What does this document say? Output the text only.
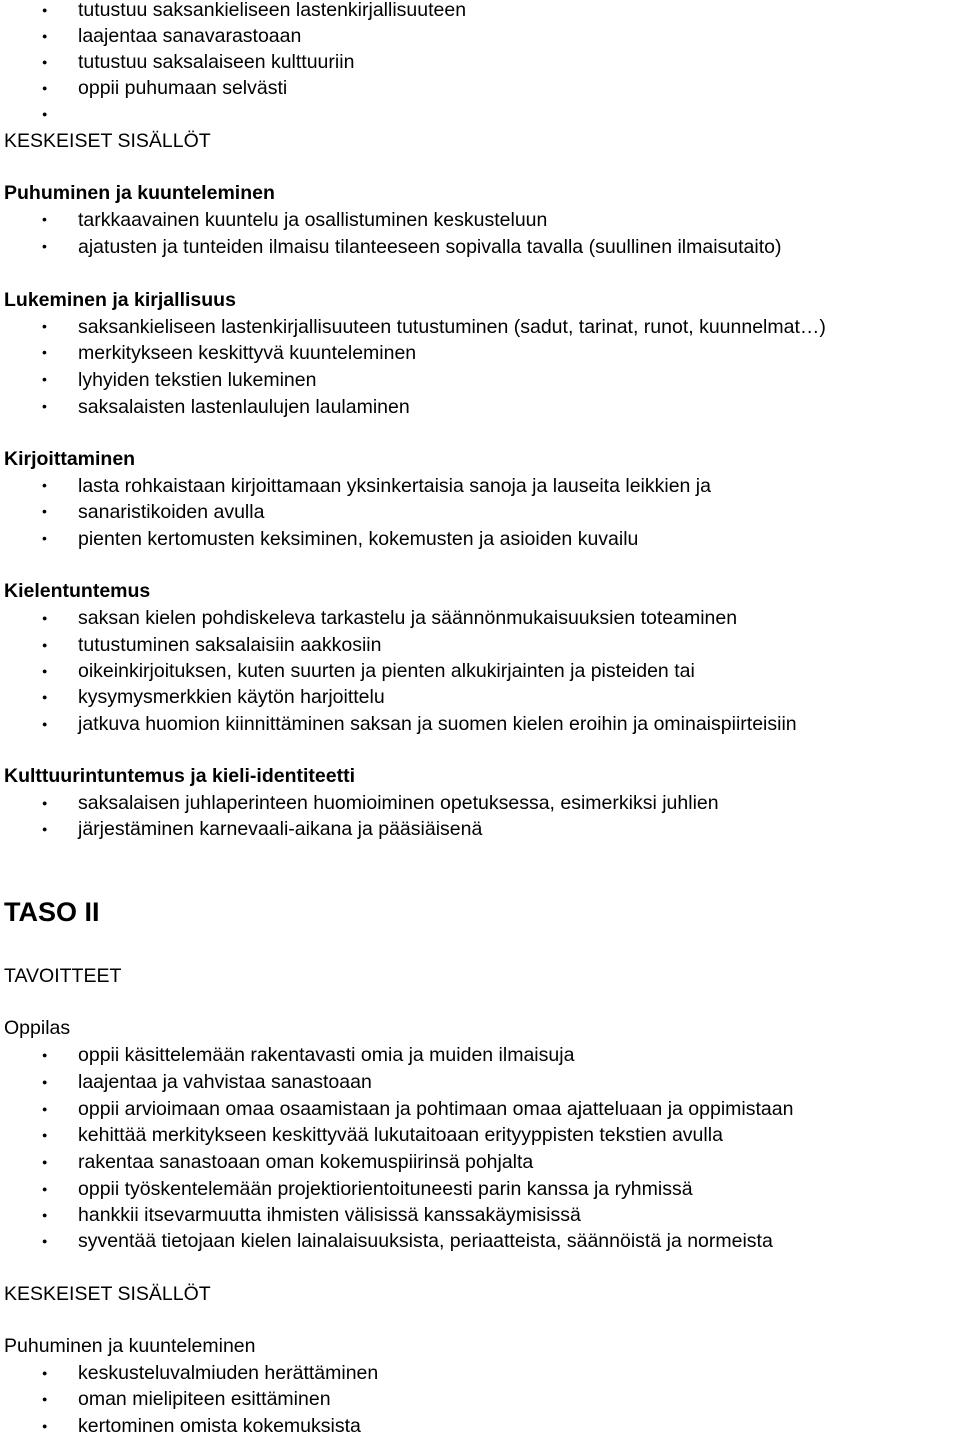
●
tutustuu saksankieliseen lastenkirjallisuuteen
●
laajentaa sanavarastoaan
●
tutustuu saksalaiseen kulttuuriin
●
oppii puhumaan selvästi
●
KESKEISET SISÄLLÖT
Puhuminen ja kuunteleminen
•
tarkkaavainen kuuntelu ja osallistuminen keskusteluun
•
ajatusten ja tunteiden ilmaisu tilanteeseen sopivalla tavalla (suullinen ilmaisutaito)
Lukeminen ja kirjallisuus
•
saksankieliseen lastenkirjallisuuteen tutustuminen (sadut, tarinat, runot, kuunnelmat…)
•
merkitykseen keskittyvä kuunteleminen
•
lyhyiden tekstien lukeminen
•
saksalaisten lastenlaulujen laulaminen
Kirjoittaminen
•
lasta rohkaistaan kirjoittamaan yksinkertaisia sanoja ja lauseita leikkien ja
•
sanaristikoiden avulla
•
pienten kertomusten keksiminen, kokemusten ja asioiden kuvailu
Kielentuntemus
●
saksan kielen pohdiskeleva tarkastelu ja säännönmukaisuuksien toteaminen
●
tutustuminen saksalaisiin aakkosiin
●
oikeinkirjoituksen, kuten suurten ja pienten alkukirjainten ja pisteiden tai
●
kysymysmerkkien käytön harjoittelu
●
jatkuva huomion kiinnittäminen saksan ja suomen kielen eroihin ja ominaispiirteisiin
Kulttuurintuntemus ja kieli-identiteetti
●
saksalaisen juhlaperinteen huomioiminen opetuksessa, esimerkiksi juhlien
●
järjestäminen karnevaali-aikana ja pääsiäisenä
TASO II
TAVOITTEET
Oppilas
●
oppii käsittelemään rakentavasti omia ja muiden ilmaisuja
●
laajentaa ja vahvistaa sanastoaan
●
oppii arvioimaan omaa osaamistaan ja pohtimaan omaa ajatteluaan ja oppimistaan
●
kehittää merkitykseen keskittyvää lukutaitoaan erityyppisten tekstien avulla
●
rakentaa sanastoaan oman kokemuspiirinsä pohjalta
●
oppii työskentelemään projektiorientoituneesti parin kanssa ja ryhmissä
●
hankkii itsevarmuutta ihmisten välisissä kanssakäymisissä
●
syventää tietojaan kielen lainalaisuuksista, periaatteista, säännöistä ja normeista
KESKEISET SISÄLLÖT
Puhuminen ja kuunteleminen
●
keskusteluvalmiuden herättäminen
●
oman mielipiteen esittäminen
●
kertominen omista kokemuksista
